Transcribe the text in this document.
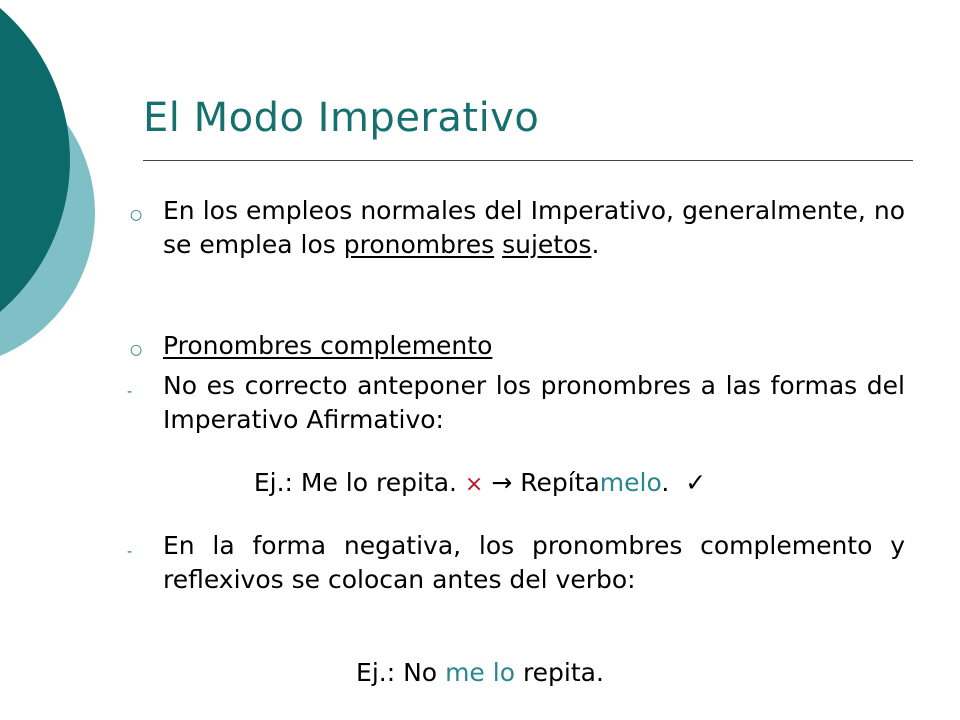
El Modo Imperativo
○ En los empleos normales del Imperativo, generalmente, no se emplea los pronombres sujetos.
○ Pronombres complemento
- No es correcto anteponer los pronombres a las formas del Imperativo Afirmativo:
Ej.: Me lo repita. × → Repítamelo. ✓
- En la forma negativa, los pronombres complemento y reflexivos se colocan antes del verbo:
Ej.: No me lo repita.
